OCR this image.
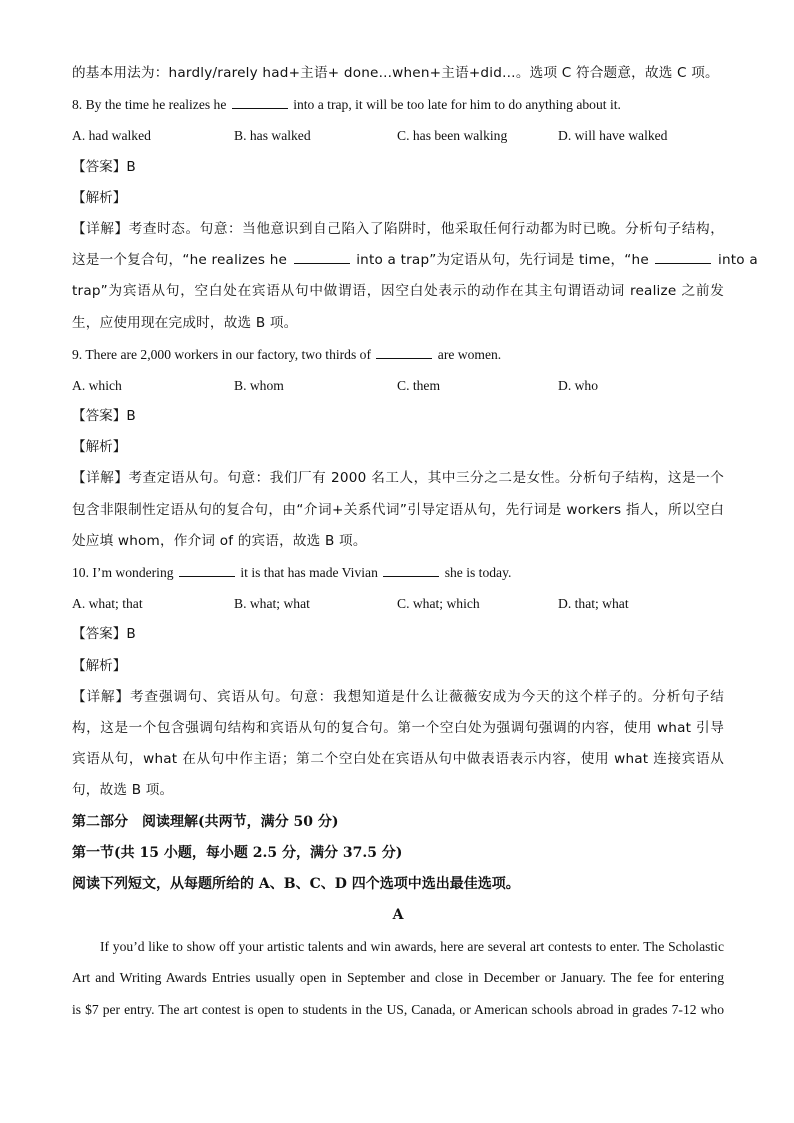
的基本用法为：hardly/rarely had+主语+ done...when+主语+did…。选项 C 符合题意，故选 C 项。
8. By the time he realizes he	into a trap, it will be too late for him to do anything about it.
A. had walked	B. has walked	C. has been walking	D. will have walked
【答案】B
【解析】
【详解】考查时态。句意：当他意识到自己陷入了陷阱时，他采取任何行动都为时已晚。分析句子结构，
这是一个复合句，“he realizes he	into a trap”为定语从句，先行词是 time，“he	into a
trap”为宾语从句，空白处在宾语从句中做谓语，因空白处表示的动作在其主句谓语动词 realize 之前发
生，应使用现在完成时，故选 B 项。
9. There are 2,000 workers in our factory, two thirds of	are women.
A. which	B. whom	C. them	D. who
【答案】B
【解析】
【详解】考查定语从句。句意：我们厂有 2000 名工人，其中三分之二是女性。分析句子结构，这是一个
包含非限制性定语从句的复合句，由“介词+关系代词”引导定语从句，先行词是 workers 指人，所以空白
处应填 whom，作介词 of 的宾语，故选 B 项。
10. I’m wondering	it is that has made Vivian	she is today.
A. what; that	B. what; what	C. what; which	D. that; what
【答案】B
【解析】
【详解】考查强调句、宾语从句。句意：我想知道是什么让薇薇安成为今天的这个样子的。分析句子结
构，这是一个包含强调句结构和宾语从句的复合句。第一个空白处为强调句强调的内容，使用 what 引导
宾语从句，what 在从句中作主语；第二个空白处在宾语从句中做表语表示内容，使用 what 连接宾语从
句，故选 B 项。
第二部分　阅读理解(共两节，满分 50 分)
第一节(共 15 小题，每小题 2.5 分，满分 37.5 分)
阅读下列短文，从每题所给的 A、B、C、D 四个选项中选出最佳选项。
A
If you’d like to show off your artistic talents and win awards, here are several art contests to enter. The Scholastic
Art and Writing Awards Entries usually open in September and close in December or January. The fee for entering
is $7 per entry. The art contest is open to students in the US, Canada, or American schools abroad in grades 7-12 who
